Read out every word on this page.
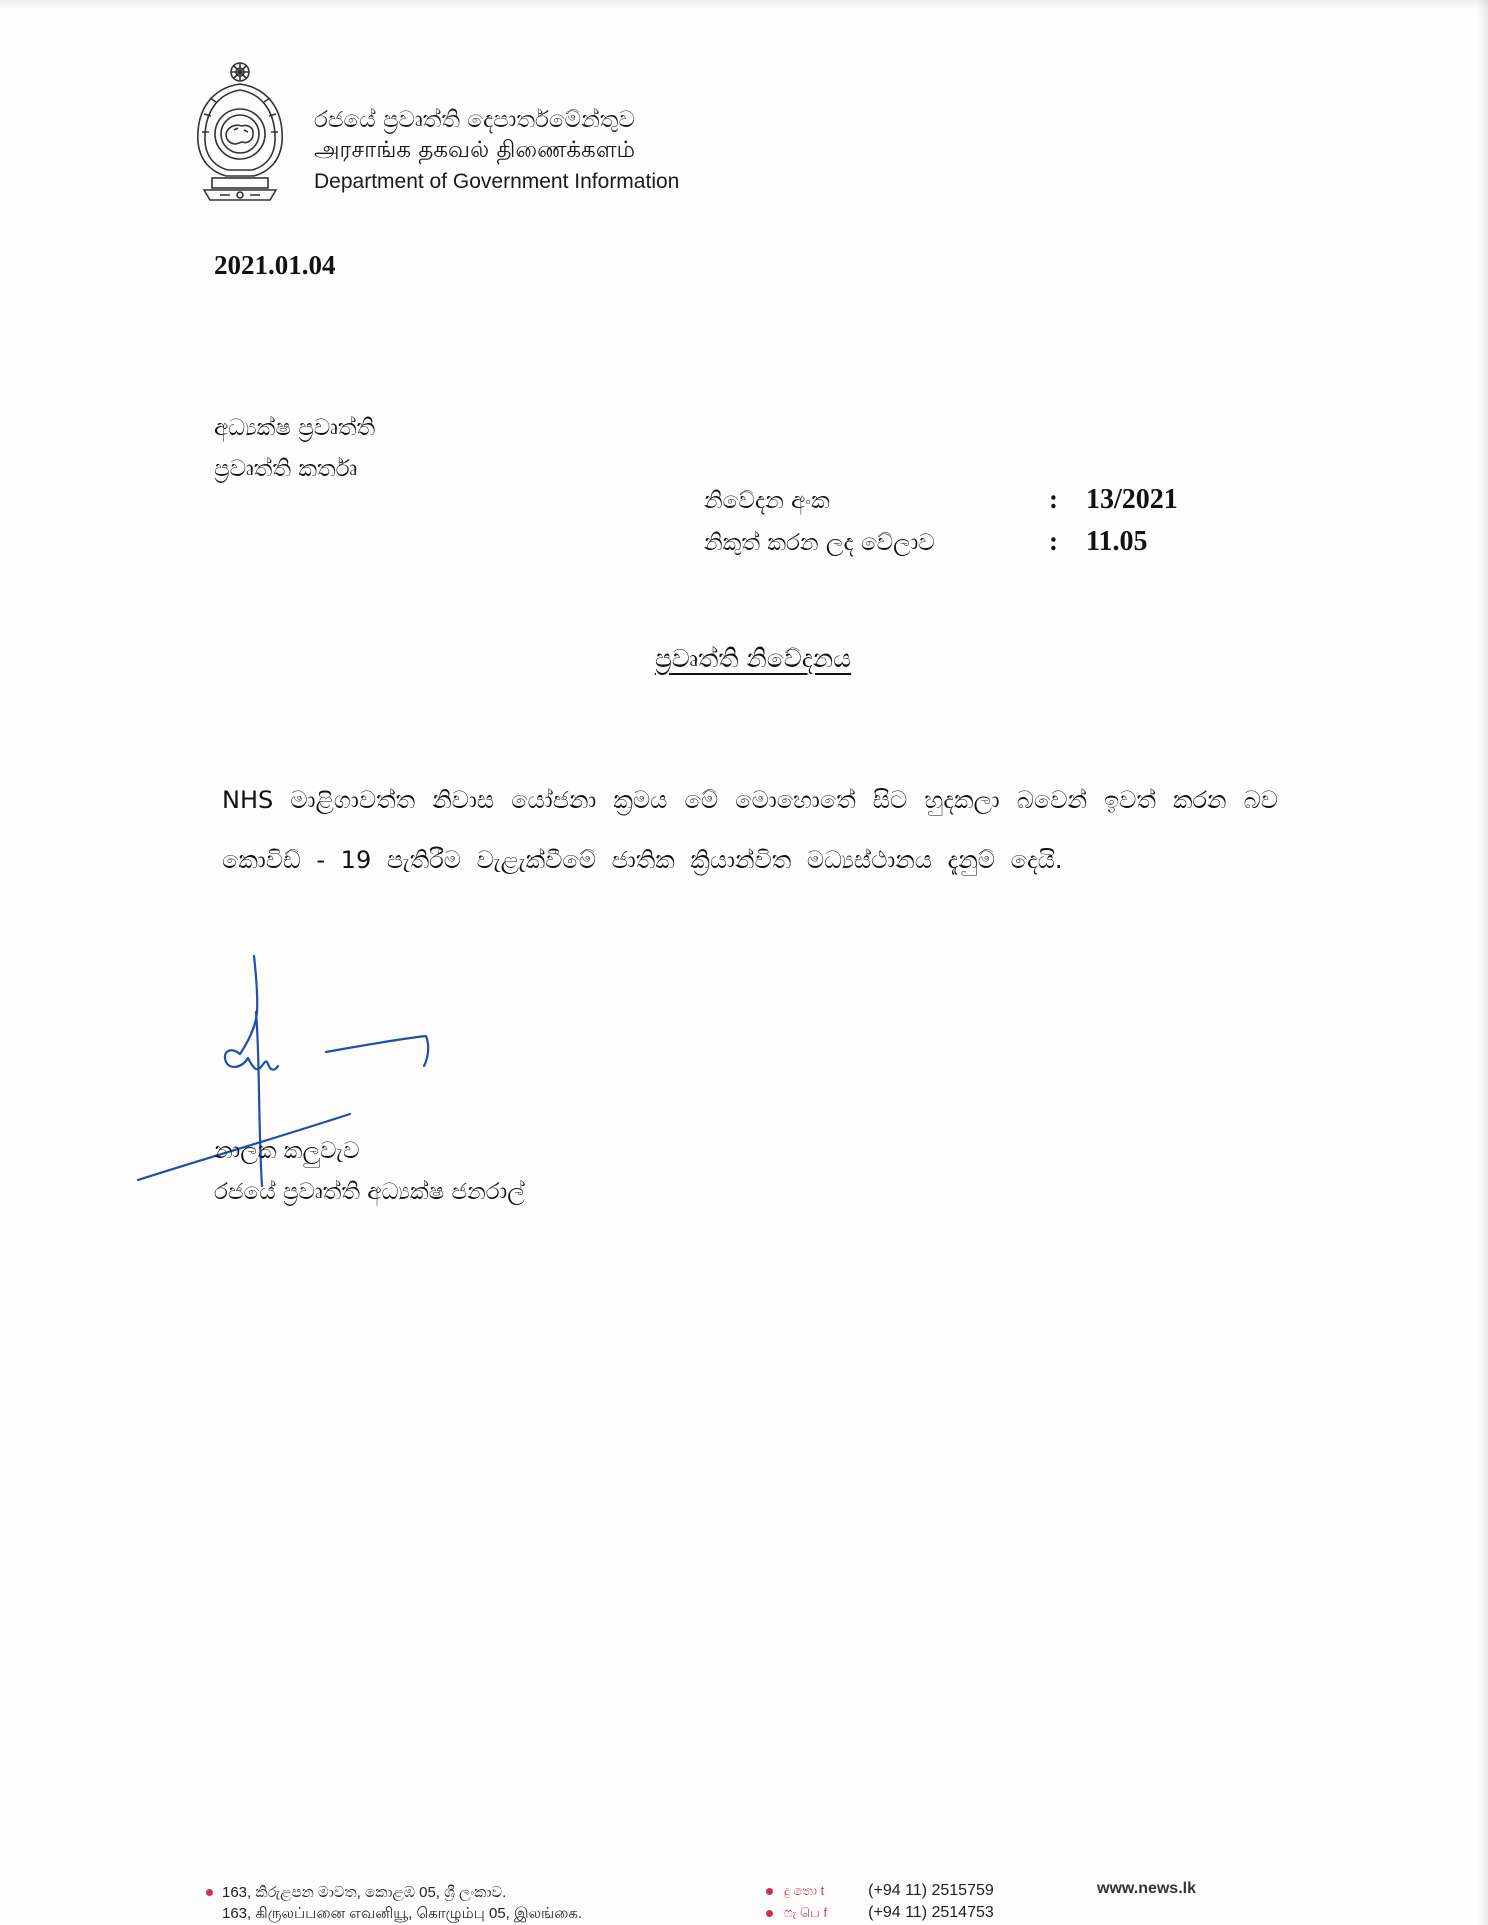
රජයේ ප්‍රවෘත්ති දෙපාර්තමේන්තුව
அரசாங்க தகவல் திணைக்களம்
Department of Government Information
2021.01.04
අධ්‍යක්ෂ ප්‍රවෘත්ති
ප්‍රවෘත්ති කර්තෘ
නිවේදන අංක	: 13/2021
නිකුත් කරන ලද වේලාව	: 11.05
ප්‍රවෘත්ති නිවේදනය
NHS මාළිගාවත්ත නිවාස යෝජනා ක්‍රමය මේ මොහොතේ සිට හුදකලා බවෙන් ඉවත් කරන බව කොවිඩ් - 19 පැතිරීම වැළැක්වීමේ ජාතික ක්‍රියාන්විත මධ්‍යස්ථානය දැනුම් දෙයි.
නාලක කලුවැව
රජයේ ප්‍රවෘත්ති අධ්‍යක්ෂ ජනරාල්
163, කිරුළපන මාවත, කොළඹ 05, ශ්‍රී ලංකාව.
163, கிருலப்பனை எவனியூ, கொழும்பு 05, இலங்கை.
දු තො t	(+94 11) 2515759
ෆැ பெ f	(+94 11) 2514753
www.news.lk
